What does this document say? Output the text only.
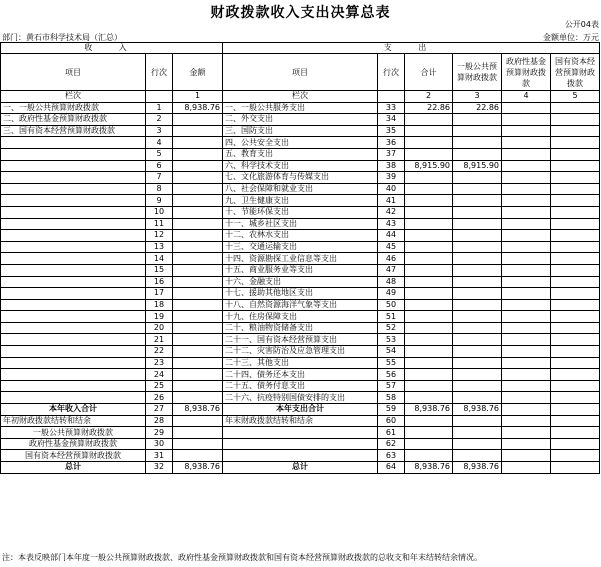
财政拨款收入支出决算总表
公开04表
部门：黄石市科学技术局（汇总）	金额单位：万元
收 入			支 出					
项目	行次	金额	项目	行次	合计	一般公共预算财政拨款	政府性基金预算财政拨款	国有资本经营预算财政拨款
栏次		1	栏次		2	3	4	5
一、一般公共预算财政拨款	1	8,938.76	一、一般公共服务支出	33	22.86	22.86		
二、政府性基金预算财政拨款	2		二、外交支出	34				
三、国有资本经营预算财政拨款	3		三、国防支出	35				
	4		四、公共安全支出	36				
	5		五、教育支出	37				
	6		六、科学技术支出	38	8,915.90	8,915.90		
	7		七、文化旅游体育与传媒支出	39				
	8		八、社会保障和就业支出	40				
	9		九、卫生健康支出	41				
	10		十、节能环保支出	42				
	11		十一、城乡社区支出	43				
	12		十二、农林水支出	44				
	13		十三、交通运输支出	45				
	14		十四、资源勘探工业信息等支出	46				
	15		十五、商业服务业等支出	47				
	16		十六、金融支出	48				
	17		十七、援助其他地区支出	49				
	18		十八、自然资源海洋气象等支出	50				
	19		十九、住房保障支出	51				
	20		二十、粮油物资储备支出	52				
	21		二十一、国有资本经营预算支出	53				
	22		二十二、灾害防治及应急管理支出	54				
	23		二十三、其他支出	55				
	24		二十四、债务还本支出	56				
	25		二十五、债务付息支出	57				
	26		二十六、抗疫特别国债安排的支出	58				
本年收入合计	27	8,938.76	本年支出合计	59	8,938.76	8,938.76		
年初财政拨款结转和结余	28		年末财政拨款结转和结余	60				
一般公共预算财政拨款	29			61				
政府性基金预算财政拨款	30			62				
国有资本经营预算财政拨款	31			63				
总计	32	8,938.76	总计	64	8,938.76	8,938.76		
注：本表反映部门本年度一般公共预算财政拨款、政府性基金预算财政拨款和国有资本经营预算财政拨款的总收支和年末结转结余情况。
